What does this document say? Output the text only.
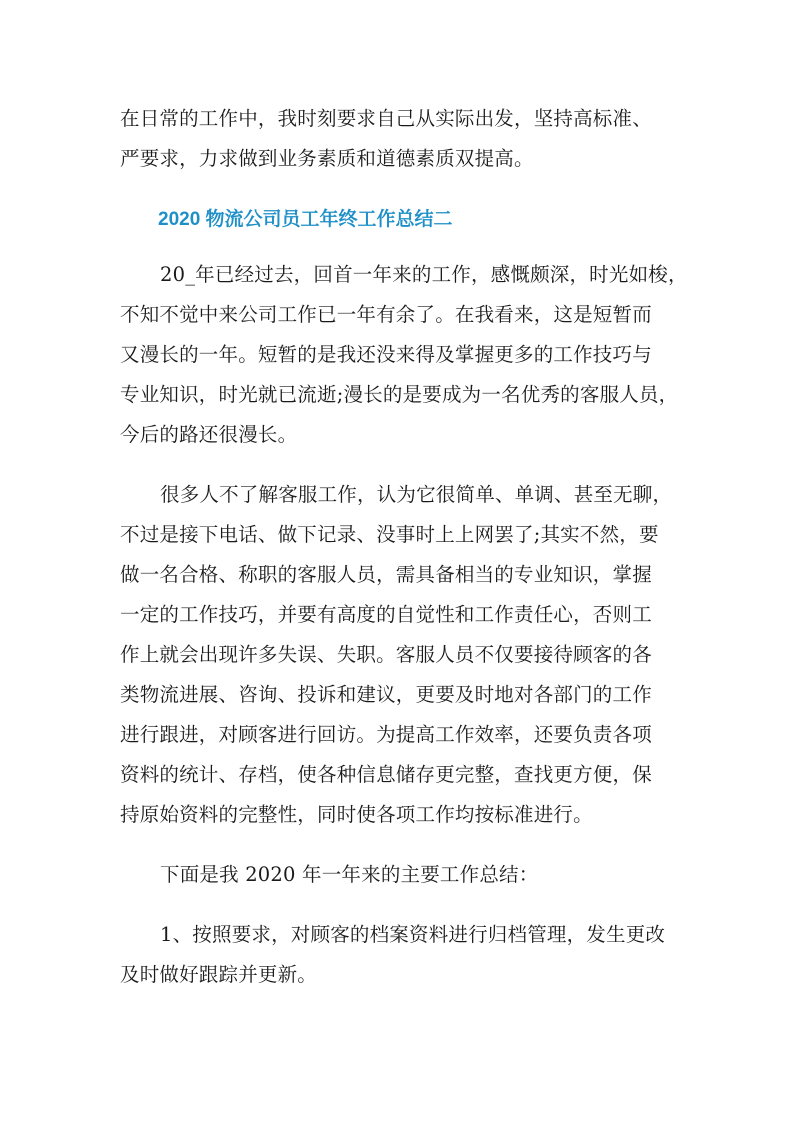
在日常的工作中，我时刻要求自己从实际出发，坚持高标准、
严要求，力求做到业务素质和道德素质双提高。
2020 物流公司员工年终工作总结二
20_年已经过去，回首一年来的工作，感慨颇深，时光如梭，
不知不觉中来公司工作已一年有余了。在我看来，这是短暂而
又漫长的一年。短暂的是我还没来得及掌握更多的工作技巧与
专业知识，时光就已流逝;漫长的是要成为一名优秀的客服人员，
今后的路还很漫长。
很多人不了解客服工作，认为它很简单、单调、甚至无聊，
不过是接下电话、做下记录、没事时上上网罢了;其实不然，要
做一名合格、称职的客服人员，需具备相当的专业知识，掌握
一定的工作技巧，并要有高度的自觉性和工作责任心，否则工
作上就会出现许多失误、失职。客服人员不仅要接待顾客的各
类物流进展、咨询、投诉和建议，更要及时地对各部门的工作
进行跟进，对顾客进行回访。为提高工作效率，还要负责各项
资料的统计、存档，使各种信息储存更完整，查找更方便，保
持原始资料的完整性，同时使各项工作均按标准进行。
下面是我 2020 年一年来的主要工作总结：
1、按照要求，对顾客的档案资料进行归档管理，发生更改
及时做好跟踪并更新。
